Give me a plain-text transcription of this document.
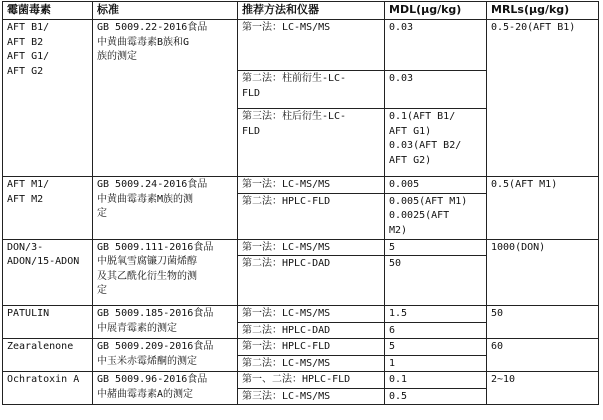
霉菌毒素	标准	推荐方法和仪器	MDL(μg/kg)	MRLs(μg/kg)
AFT B1/
AFT B2
AFT G1/
AFT G2	GB 5009.22-2016食品
中黄曲霉毒素B族和G
族的测定	第一法：LC-MS/MS	0.03	0.5-20(AFT B1)
		第二法：柱前衍生-LC-
FLD	0.03	
		第三法：柱后衍生-LC-
FLD	0.1(AFT B1/
AFT G1)
0.03(AFT B2/
AFT G2)	
AFT M1/
AFT M2	GB 5009.24-2016食品
中黄曲霉毒素M族的测
定	第一法：LC-MS/MS	0.005	0.5(AFT M1)
		第二法：HPLC-FLD	0.005(AFT M1)
0.0025(AFT
M2)	
DON/3-
ADON/15-ADON	GB 5009.111-2016食品
中脱氧雪腐镰刀菌烯醇
及其乙酰化衍生物的测
定	第一法：LC-MS/MS	5	1000(DON)
		第二法：HPLC-DAD	50	
PATULIN	GB 5009.185-2016食品
中展青霉素的测定	第一法：LC-MS/MS	1.5	50
		第二法：HPLC-DAD	6	
Zearalenone	GB 5009.209-2016食品
中玉米赤霉烯酮的测定	第一法：HPLC-FLD	5	60
		第二法：LC-MS/MS	1	
Ochratoxin A	GB 5009.96-2016食品
中赭曲霉毒素A的测定	第一、二法：HPLC-FLD	0.1	2~10
		第三法：LC-MS/MS	0.5	
